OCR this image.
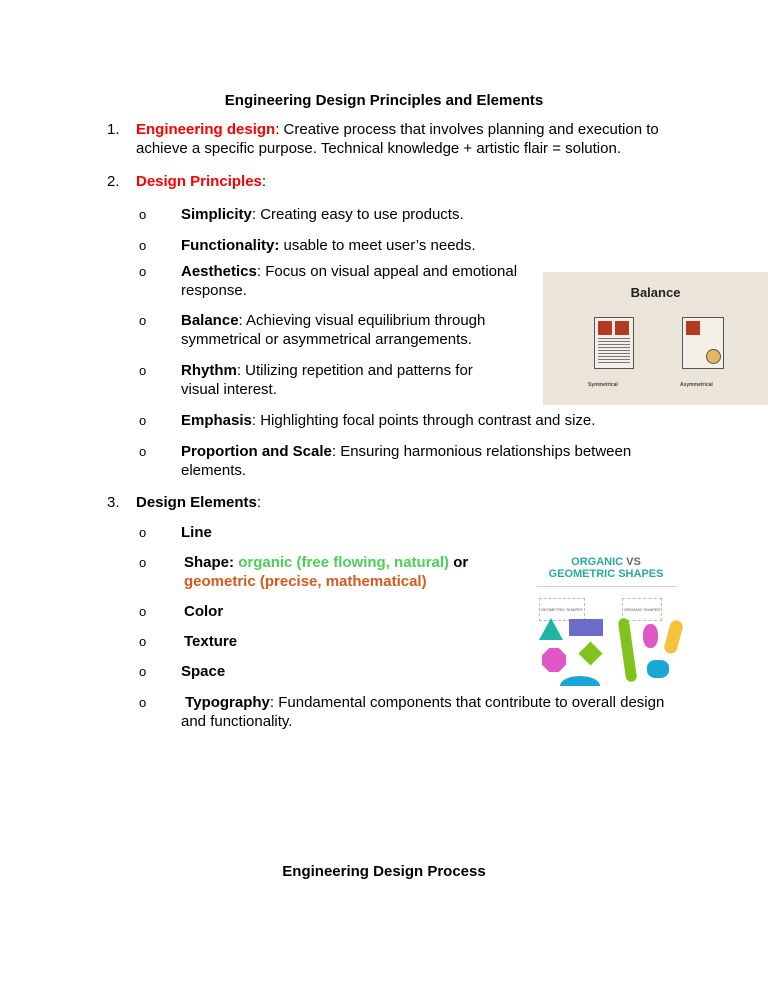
Engineering Design Principles and Elements
1. Engineering design: Creative process that involves planning and execution to achieve a specific purpose. Technical knowledge + artistic flair = solution.
2. Design Principles:
o Simplicity: Creating easy to use products.
o Functionality: usable to meet user’s needs.
o Aesthetics: Focus on visual appeal and emotional response.
o Balance: Achieving visual equilibrium through symmetrical or asymmetrical arrangements.
o Rhythm: Utilizing repetition and patterns for visual interest.
o Emphasis: Highlighting focal points through contrast and size.
o Proportion and Scale: Ensuring harmonious relationships between elements.
Balance
Symmetrical	Asymmetrical
3. Design Elements:
o Line
o	Shape: organic (free flowing, natural) or geometric (precise, mathematical)
o	Color
o	Texture
o Space
o	Typography: Fundamental components that contribute to overall design and functionality.
ORGANIC VS
GEOMETRIC SHAPES
GEOMETRIC SHAPES	ORGANIC SHAPES
Engineering Design Process
